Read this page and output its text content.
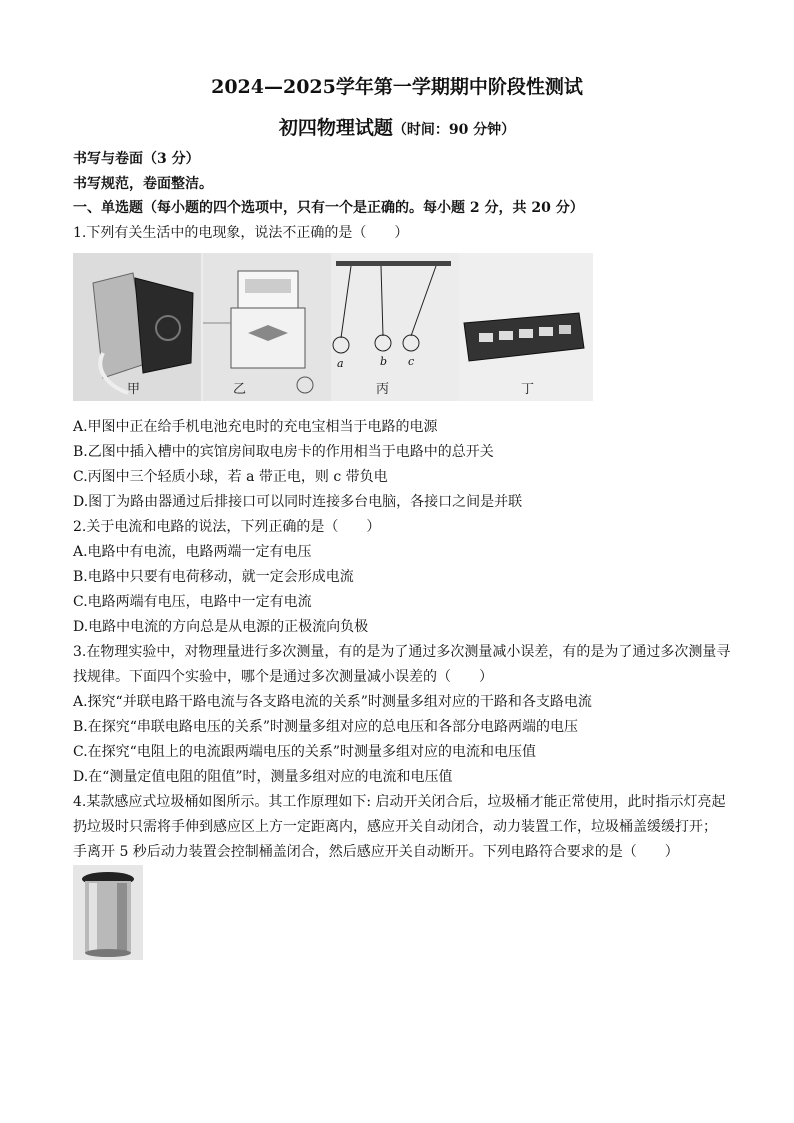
2024—2025学年第一学期期中阶段性测试
初四物理试题（时间：90 分钟）
书写与卷面（3 分）
书写规范，卷面整洁。
一、单选题（每小题的四个选项中，只有一个是正确的。每小题 2 分，共 20 分）
1.下列有关生活中的电现象，说法不正确的是（　　）
甲	乙
a	b c
丙	丁
A.甲图中正在给手机电池充电时的充电宝相当于电路的电源
B.乙图中插入槽中的宾馆房间取电房卡的作用相当于电路中的总开关
C.丙图中三个轻质小球，若 a 带正电，则 c 带负电
D.图丁为路由器通过后排接口可以同时连接多台电脑，各接口之间是并联
2.关于电流和电路的说法，下列正确的是（　　）
A.电路中有电流，电路两端一定有电压
B.电路中只要有电荷移动，就一定会形成电流
C.电路两端有电压，电路中一定有电流
D.电路中电流的方向总是从电源的正极流向负极
3.在物理实验中，对物理量进行多次测量，有的是为了通过多次测量减小误差，有的是为了通过多次测量寻
找规律。下面四个实验中，哪个是通过多次测量减小误差的（　　）
A.探究“并联电路干路电流与各支路电流的关系”时测量多组对应的干路和各支路电流
B.在探究“串联电路电压的关系”时测量多组对应的总电压和各部分电路两端的电压
C.在探究“电阻上的电流跟两端电压的关系”时测量多组对应的电流和电压值
D.在“测量定值电阻的阻值”时，测量多组对应的电流和电压值
4.某款感应式垃圾桶如图所示。其工作原理如下: 启动开关闭合后，垃圾桶才能正常使用，此时指示灯亮起
扔垃圾时只需将手伸到感应区上方一定距离内，感应开关自动闭合，动力装置工作，垃圾桶盖缓缓打开；
手离开 5 秒后动力装置会控制桶盖闭合，然后感应开关自动断开。下列电路符合要求的是（　　）
